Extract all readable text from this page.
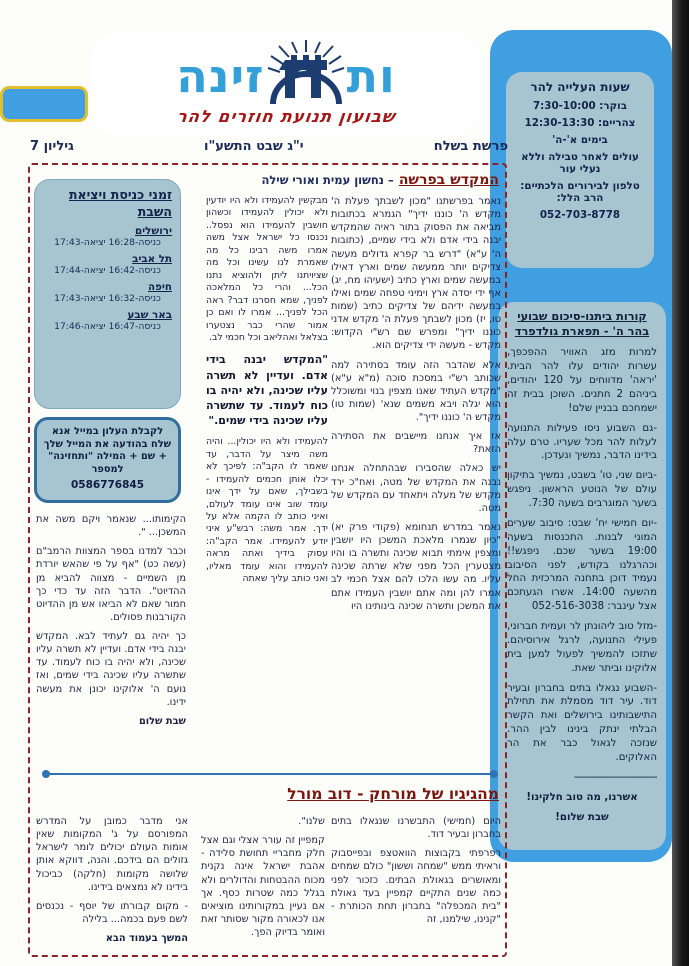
שעות העלייה להר
בוקר: 7:30-10:00
צהריים: 12:30-13:30
בימים א'-ה'
עולים לאחר טבילה וללא נעלי עור
טלפון לבירורים הלכתיים: הרב הלל:
052-703-8778
קורות ביתנו-סיכום שבועי בהר ה' - תפארת גולדפרד

למרות מזג האוויר ההפכפך, עשרות יהודים עלו להר הבית. 'יראה' מדווחים על 120 יהודים, ביניהם 2 חתנים. השוכן בבית זה ישמחכם בבניין שלם!

-גם השבוע ניסו פעילות התנועה לעלות להר מכל שעריו. טרם עלה בידינו הדבר, נמשיך ונעדכן.

-ביום שני, טו' בשבט, נמשיך בתיקון עולם של הנוטע הראשון. ניפגש בשער המוגרבים בשעה 7:30.

-יום חמישי יח' שבט: סיבוב שערים המוני לבנות. התכנסות בשעה 19:00 בשער שכם. ניפגש!! וכהרגלנו בקודש, לפני הסיבוב נעמיד דוכן בתחנה המרכזית החל מהשעה 14:00. אשרו הגעתכם אצל עינבר: 052-516-3038

-מזל טוב ליהונתן לר ועמית חברוני, פעילי התנועה, לרגל אירוסיהם. שתזכו להמשיך לפעול למען בית אלוקינו וביתר שאת.

-השבוע נגאלו בתים בחברון ובעיר דוד. עיר דוד מסמלת את תחילת התישבותינו בירושלים ואת הקשר הבלתי ינתק בינינו לבין ההר. שנזכה לגאול כבר את הר האלוקים.

-------------------------------

אשרנו, מה טוב חלקינו!

שבת שלום!

ות
זינה
שבועון תנועת חוזרים להר
פרשת בשלח
י"ג שבט התשע"ו
גיליון 7
המקדש בפרשה – נחשון עמית ואורי שילה

נאמר בפרשתנו "מכון לשבתך פעלת ה' מקדש ה' כוננו ידיך" הגמרא בכתובות מביאה את הפסוק בתור ראיה שהמקדש יבנה בידי אדם ולא בידי שמיים, (כתובות ה' ע"א) "דרש בר קפרא גדולים מעשה צדיקים יותר ממעשה שמים וארץ דאילו במעשה שמים וארץ כתיב (ישעיהו מח, יג) אף ידי יסדה ארץ וימיני טפחה שמים ואילו במעשה ידיהם של צדיקים כתיב (שמות טו, יז) מכון לשבתך פעלת ה' מקדש אדני כוננו ידיך" ומפרש שם רש"י הקדוש: מקדש - מעשה ידי צדיקים הוא.

אלא שהדבר הזה עומד בסתירה למה שכותב רש"י במסכת סוכה (מ"א ע"א) "מקדש העתיד שאנו מצפין בנוי ומשוכלל הוא יגלה ויבא משמים שנא' (שמות טו) מקדש ה' כוננו ידיך".

אז איך אנחנו מיישבים את הסתירה הזאת?

יש כאלה שהסבירו שבהתחלה אנחנו נבנה את המקדש של מטה, ואח"כ ירד מקדש של מעלה ויתאחד עם המקדש של מטה.

נאמר במדרש תנחומא (פקודי פרק יא) "כיון שגמרו מלאכת המשכן היו יושבין ומצפין אימתי תבוא שכינה ותשרה בו והיו מצטערין הכל מפני שלא שרתה שכינה עליו. מה עשו הלכו להם אצל חכמי לב אמרו להן ומה אתם יושבין העמידו אתם את המשכן ותשרה שכינה בינותינו היו

מבקשין להעמידו ולא היו יודעין ולא יכולין להעמידו וכשהון חושבין להעמידו הוא נפסל.. נכנסו כל ישראל אצל משה אמרו משה רבינו כל מה שאמרת לנו עשינו וכל מה שציויתנו ליתן ולהוציא נתנו הכל... והרי כל המלאכה לפניך, שמא חסרנו דבר? ראה הכל לפניך... אמרו לו ואם כן אמור שהרי כבר נצטערו בצלאל ואהליאב וכל חכמי לב.

"המקדש יבנה בידי אדם. ועדיין לא תשרה עליו שכינה, ולא יהיה בו כוח לעמוד. עד שתשרה עליו שכינה בידי שמים."

להעמידו ולא היו יכולין... והיה משה מיצר על הדבר, עד שאמר לו הקב"ה: לפיכך לא יכלו אותן חכמים להעמידו - בשבילך, שאם על ידך אינו עומד שוב אינו עומד לעולם, ואיני כותב לו הקמה אלא על ידך. אמר משה: רבש"ע איני יודע להעמידו. אמר הקב"ה: עסוק בידיך ואתה מראה להעמידו והוא עומד מאליו, ואני כותב עליך שאתה

זמני כניסת ויציאת השבת
ירושלים
כניסה-16:28 יציאה-17:43
תל אביב
כניסה-16:42 יציאה-17:44
חיפה
כניסה-16:32 יציאה-17:43
באר שבע
כניסה-16:47 יציאה-17:46
לקבלת העלון במייל אנא שלח בהודעה את המייל שלך + שם + המילה "ותחזינה" למספר
0586776845

הקימותו... שנאמר ויקם משה את המשכן... ".

וכבר למדנו בספר המצוות הרמב"ם (עשה כט) "אף על פי שהאש יורדת מן השמיים - מצווה להביא מן ההדיוט". הדבר הזה עד כדי כך חמור שאם לא הביאו אש מן ההדיוט הקורבנות פסולים.

כך יהיה גם לעתיד לבא. המקדש יבנה בידי אדם. ועדיין לא תשרה עליו שכינה, ולא יהיה בו כוח לעמוד. עד שתשרה עליו שכינה בידי שמים, ואז נועם ה' אלוקינו יכונן את מעשה ידינו.

שבת שלום

מהגיגיו של מורחק - דוב מורל

היום (חמישי) התבשרנו שנגאלו בתים בחברון ובעיר דוד.

רפרפתי בקבוצות הוואטצפ ובפייסבוק וראיתי ממש "שמחה וששון" כולם שמחים ומאושרים בגאולת הבתים. כזכור לפני כמה שנים התקיים קמפיין בעד גאולת "בית המכפלה" בחברון תחת הכותרת - "קנינו, שילמנו, זה

שלנו".

קמפיין זה עורר אצלי וגם אצל חלק מחבריי תחושת סלידה - אהבת ישראל אינה נקנית מכוח ההבטחות והדולרים ולא בגלל כמה שטרות כסף. אך אם נעיין במקורותינו מוציאים אנו לכאורה מקור שסותר זאת ואומר בדיוק הפך.

אני מדבר כמובן על המדרש המפורסם על ג' המקומות שאין אומות העולם יכולים לומר לישראל גזולים הם בידכם. והנה, דווקא אותן שלושה מקומות (חלקה) כביכול בידינו לא נמצאים בידינו.

- מקום קבורתו של יוסף - נכנסים לשם פעם בכמה... בלילה

המשך בעמוד הבא
